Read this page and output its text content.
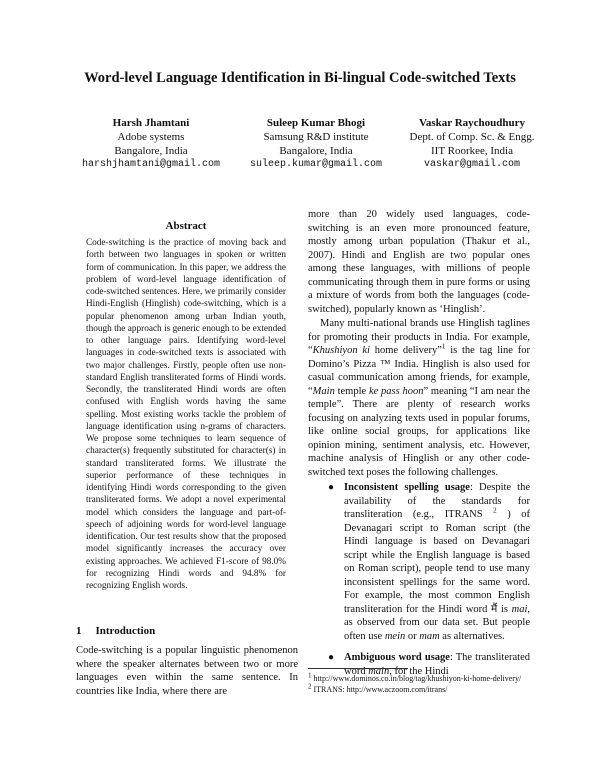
Word-level Language Identification in Bi-lingual Code-switched Texts
Harsh Jhamtani
Adobe systems
Bangalore, India
harshjhamtani@gmail.com
Suleep Kumar Bhogi
Samsung R&D institute
Bangalore, India
suleep.kumar@gmail.com
Vaskar Raychoudhury
Dept. of Comp. Sc. & Engg.
IIT Roorkee, India
vaskar@gmail.com
Abstract
Code-switching is the practice of moving back and forth between two languages in spoken or written form of communication. In this paper, we address the problem of word-level language identification of code-switched sentences. Here, we primarily consider Hindi-English (Hinglish) code-switching, which is a popular phenomenon among urban Indian youth, though the approach is generic enough to be extended to other language pairs. Identifying word-level languages in code-switched texts is associated with two major challenges. Firstly, people often use non-standard English transliterated forms of Hindi words. Secondly, the transliterated Hindi words are often confused with English words having the same spelling. Most existing works tackle the problem of language identification using n-grams of characters. We propose some techniques to learn sequence of character(s) frequently substituted for character(s) in standard transliterated forms. We illustrate the superior performance of these techniques in identifying Hindi words corresponding to the given transliterated forms. We adopt a novel experimental model which considers the language and part-of-speech of adjoining words for word-level language identification. Our test results show that the proposed model significantly increases the accuracy over existing approaches. We achieved F1-score of 98.0% for recognizing Hindi words and 94.8% for recognizing English words.
1 Introduction
Code-switching is a popular linguistic phenomenon where the speaker alternates between two or more languages even within the same sentence. In countries like India, where there are

more than 20 widely used languages, code-switching is an even more pronounced feature, mostly among urban population (Thakur et al., 2007). Hindi and English are two popular ones among these languages, with millions of people communicating through them in pure forms or using a mixture of words from both the languages (code-switched), popularly known as ‘Hinglish’.

Many multi-national brands use Hinglish taglines for promoting their products in India. For example, “Khushiyon ki home delivery”$^1$ is the tag line for Domino’s Pizza ™ India. Hinglish is also used for casual communication among friends, for example, “Main temple ke pass hoon” meaning “I am near the temple”. There are plenty of research works focusing on analyzing texts used in popular forums, like online social groups, for applications like opinion mining, sentiment analysis, etc. However, machine analysis of Hinglish or any other code-switched text poses the following challenges.

● Inconsistent spelling usage: Despite the availability of the standards for transliteration (e.g., ITRANS $^2$ ) of Devanagari script to Roman script (the Hindi language is based on Devanagari script while the English language is based on Roman script), people tend to use many inconsistent spellings for the same word. For example, the most common English transliteration for the Hindi word मैं is mai, as observed from our data set. But people often use mein or mam as alternatives.
● Ambiguous word usage: The transliterated word main, for the Hindi
$^1$ http://www.dominos.co.in/blog/tag/khushiyon-ki-home-delivery/
$^2$ ITRANS: http://www.aczoom.com/itrans/
